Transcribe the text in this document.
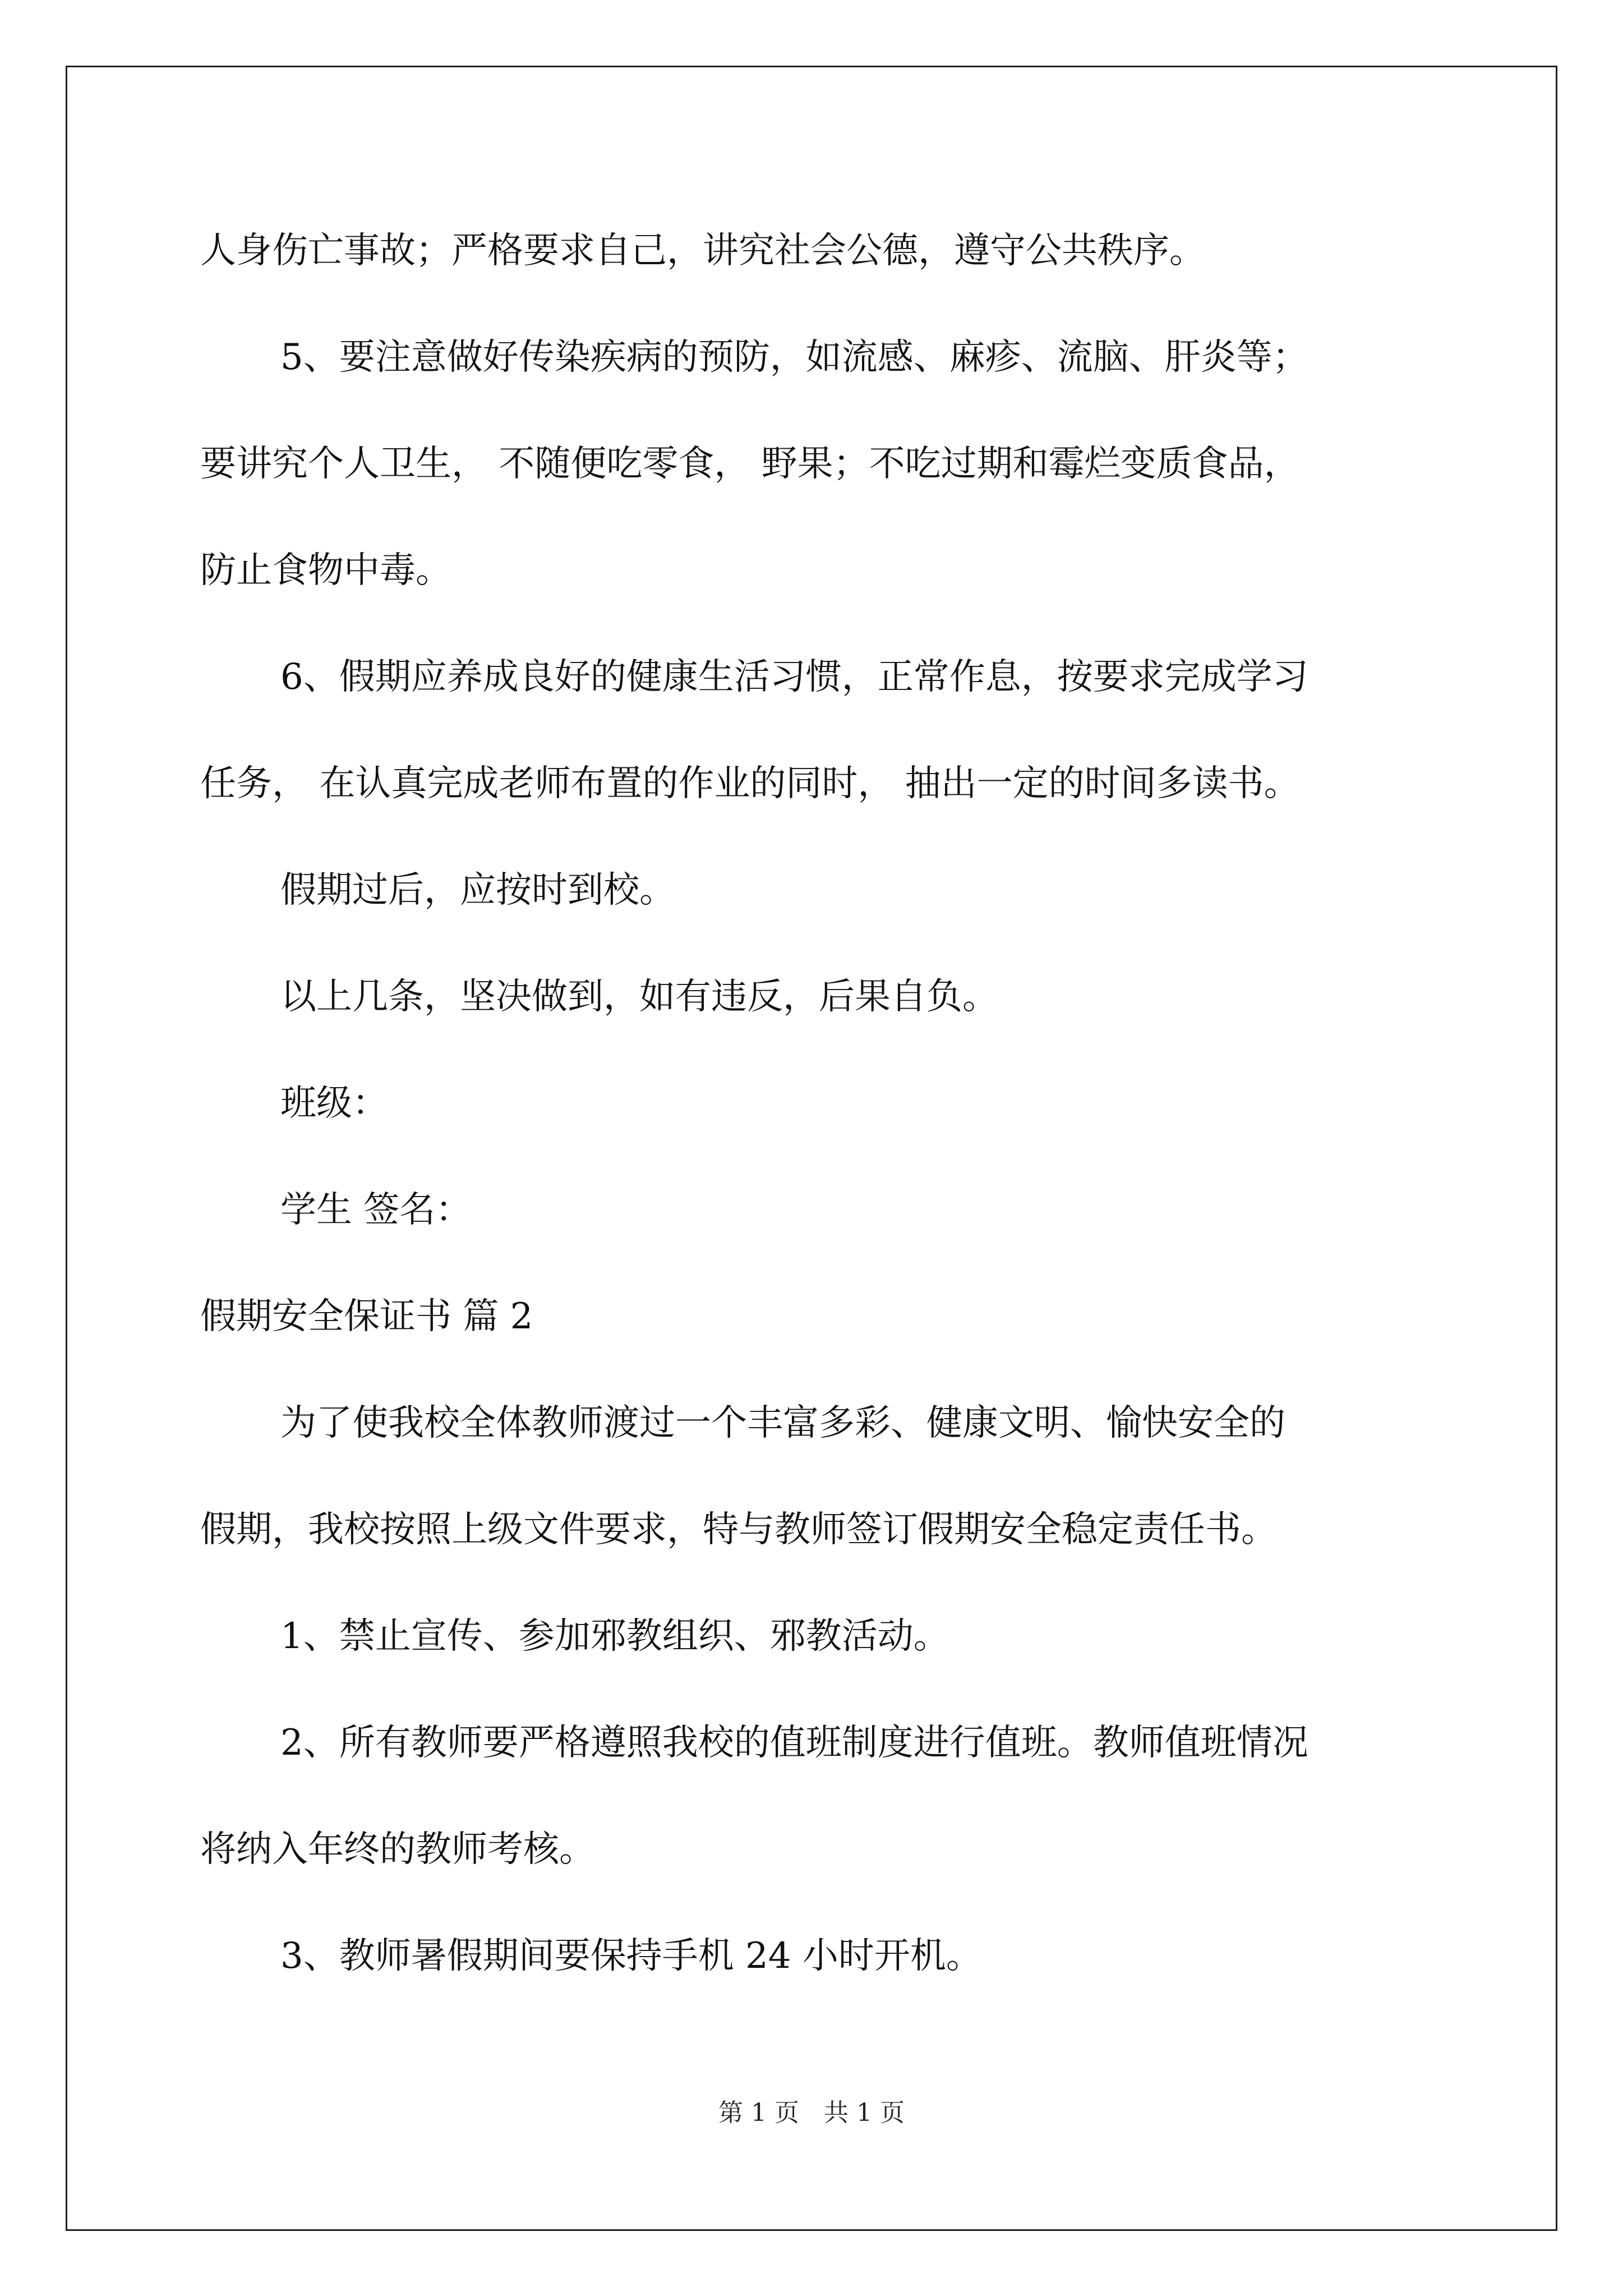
人身伤亡事故；严格要求自己，讲究社会公德，遵守公共秩序。
5、要注意做好传染疾病的预防，如流感、麻疹、流脑、肝炎等；
要讲究个人卫生， 不随便吃零食， 野果；不吃过期和霉烂变质食品，
防止食物中毒。
6、假期应养成良好的健康生活习惯，正常作息，按要求完成学习
任务， 在认真完成老师布置的作业的同时， 抽出一定的时间多读书。
假期过后，应按时到校。
以上几条，坚决做到，如有违反，后果自负。
班级：
学生 签名：
假期安全保证书 篇 2
为了使我校全体教师渡过一个丰富多彩、健康文明、愉快安全的
假期，我校按照上级文件要求，特与教师签订假期安全稳定责任书。
1、禁止宣传、参加邪教组织、邪教活动。
2、所有教师要严格遵照我校的值班制度进行值班。教师值班情况
将纳入年终的教师考核。
3、教师暑假期间要保持手机 24 小时开机。
第 1 页　共 1 页
